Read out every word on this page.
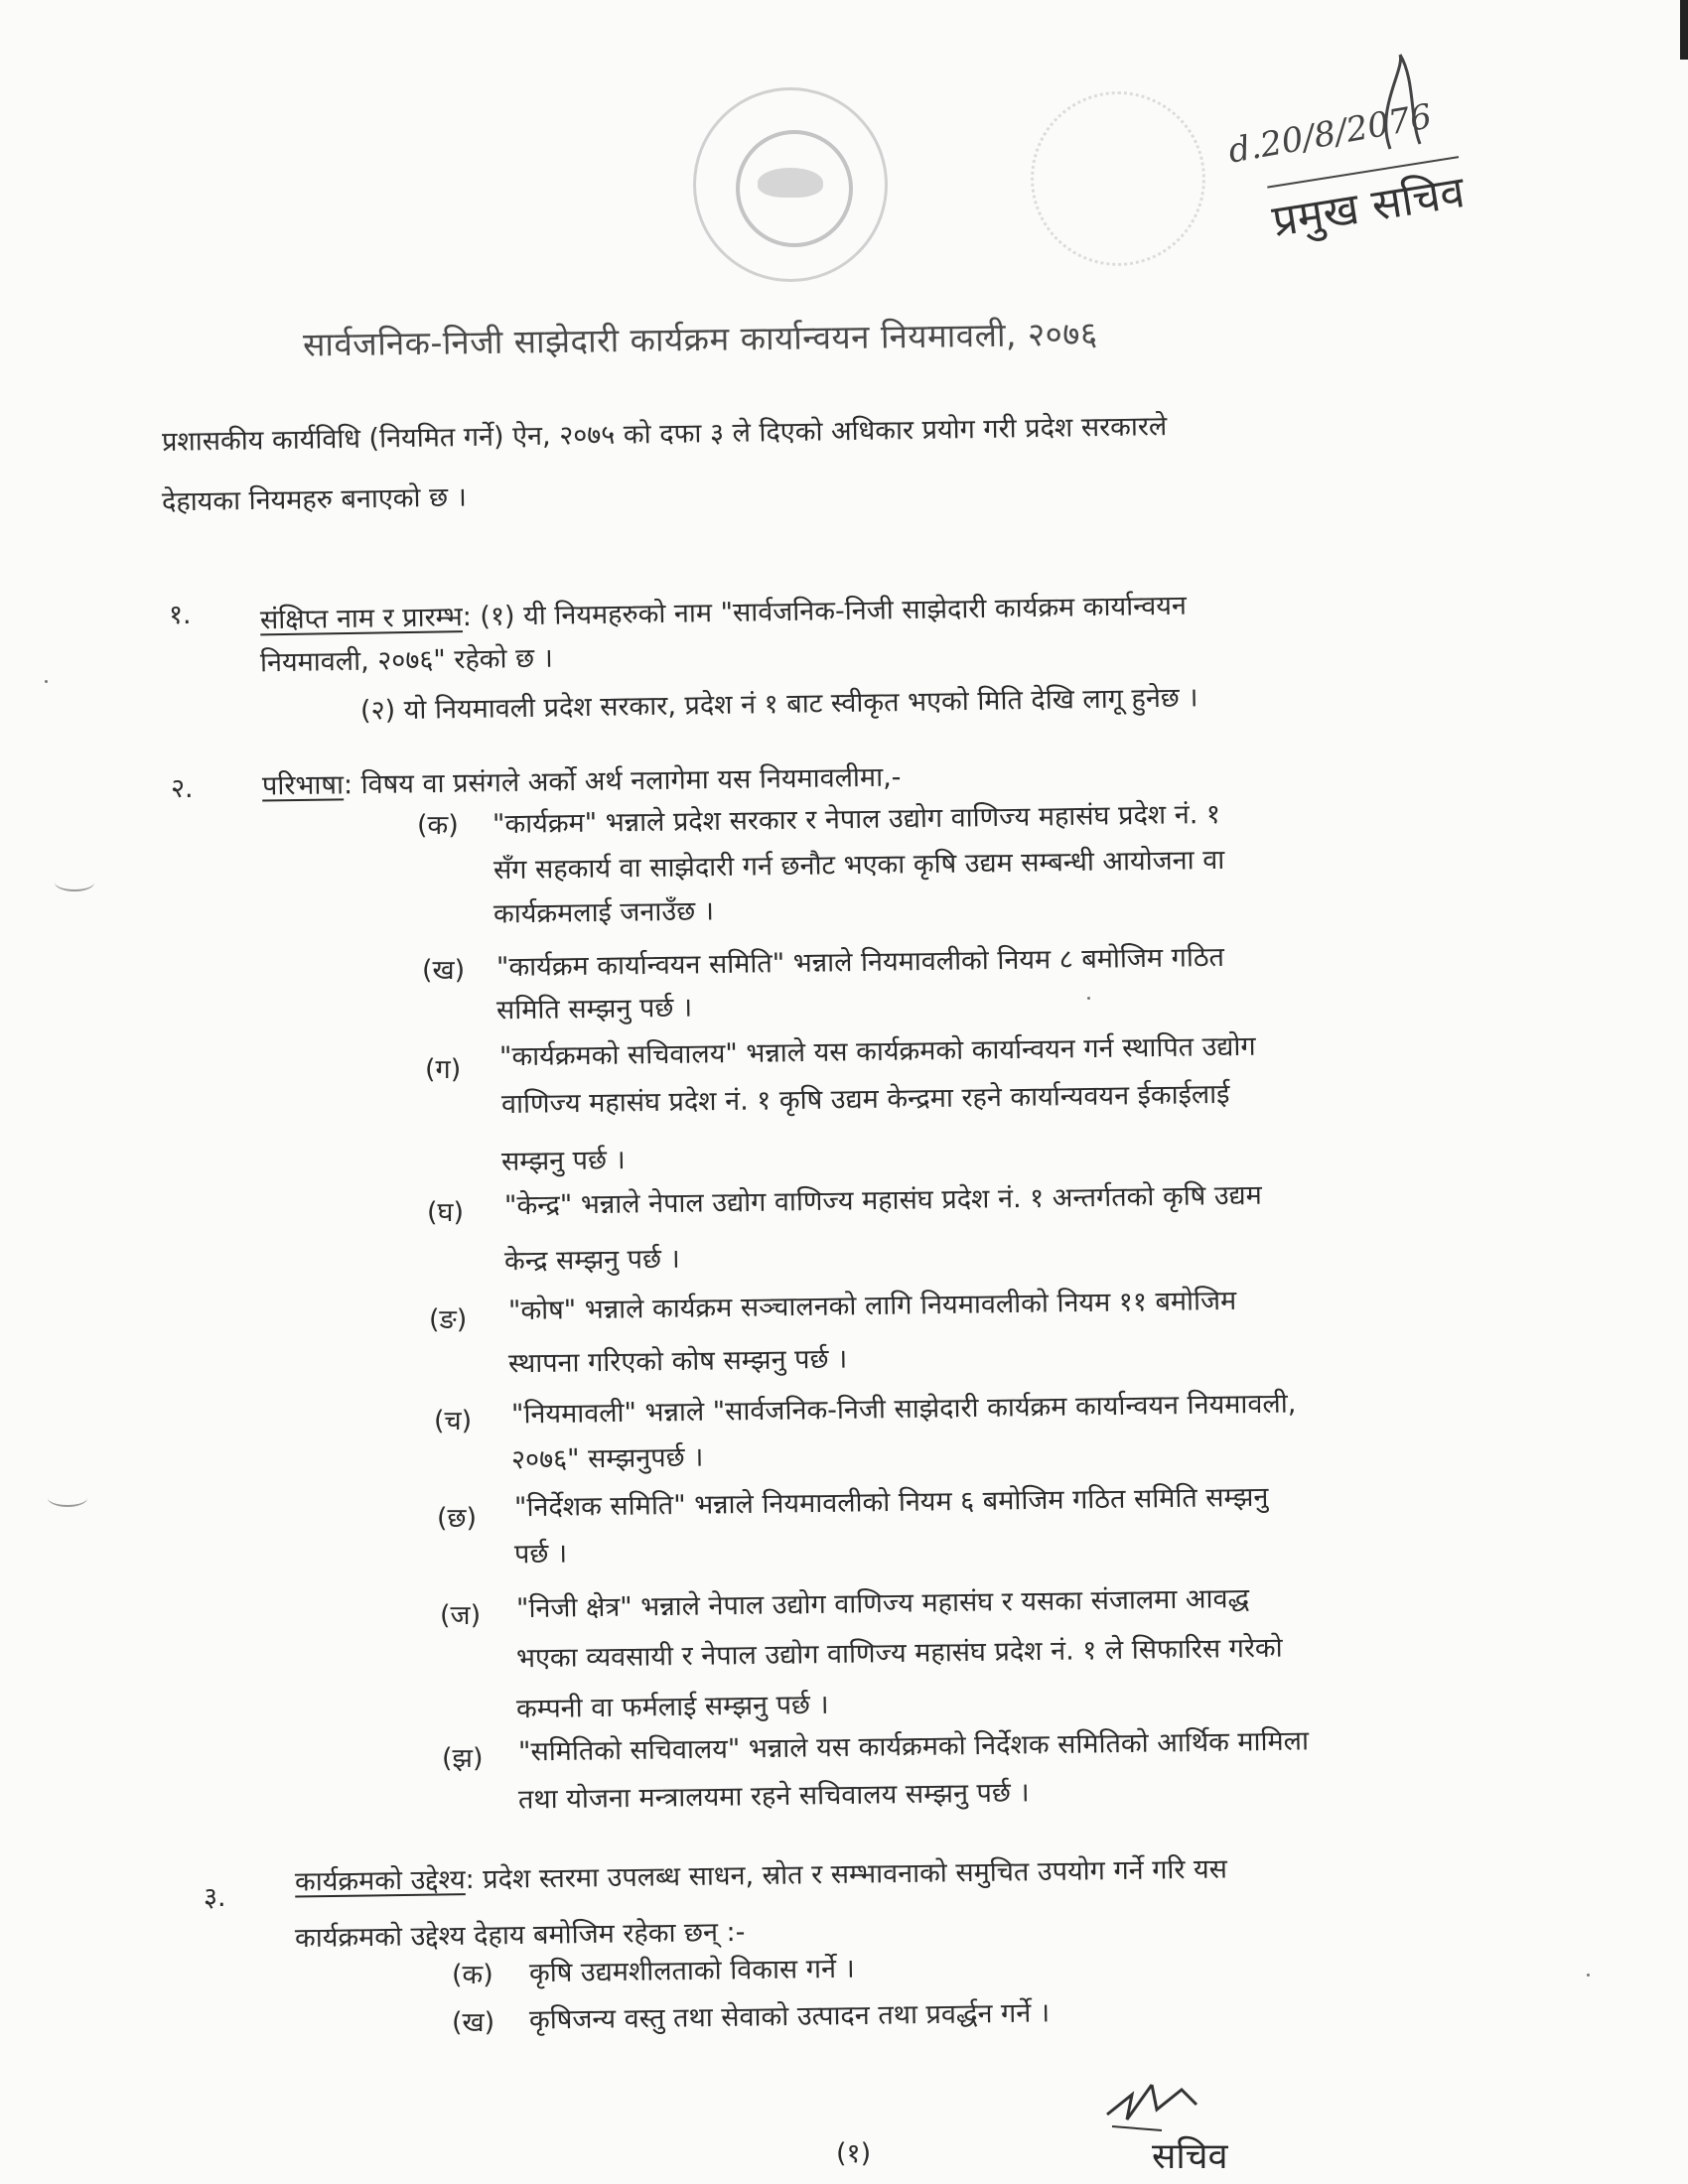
d.20/8/2076
प्रमुख सचिव
सार्वजनिक-निजी साझेदारी कार्यक्रम कार्यान्वयन नियमावली, २०७६
प्रशासकीय कार्यविधि (नियमित गर्ने) ऐन, २०७५ को दफा ३ ले दिएको अधिकार प्रयोग गरी प्रदेश सरकारले
देहायका नियमहरु बनाएको छ ।
१.	संक्षिप्त नाम र प्रारम्भ: (१) यी नियमहरुको नाम "सार्वजनिक-निजी साझेदारी कार्यक्रम कार्यान्वयन
नियमावली, २०७६" रहेको छ ।
(२) यो नियमावली प्रदेश सरकार, प्रदेश नं १ बाट स्वीकृत भएको मिति देखि लागू हुनेछ ।
२.	परिभाषा: विषय वा प्रसंगले अर्को अर्थ नलागेमा यस नियमावलीमा,-
(क) "कार्यक्रम" भन्नाले प्रदेश सरकार र नेपाल उद्योग वाणिज्य महासंघ प्रदेश नं. १
सँग सहकार्य वा साझेदारी गर्न छनौट भएका कृषि उद्यम सम्बन्धी आयोजना वा
कार्यक्रमलाई जनाउँछ ।
(ख) "कार्यक्रम कार्यान्वयन समिति" भन्नाले नियमावलीको नियम ८ बमोजिम गठित
समिति सम्झनु पर्छ ।
(ग) "कार्यक्रमको सचिवालय" भन्नाले यस कार्यक्रमको कार्यान्वयन गर्न स्थापित उद्योग
वाणिज्य महासंघ प्रदेश नं. १ कृषि उद्यम केन्द्रमा रहने कार्यान्यवयन ईकाईलाई
सम्झनु पर्छ ।
(घ) "केन्द्र" भन्नाले नेपाल उद्योग वाणिज्य महासंघ प्रदेश नं. १ अन्तर्गतको कृषि उद्यम
केन्द्र सम्झनु पर्छ ।
(ङ) "कोष" भन्नाले कार्यक्रम सञ्चालनको लागि नियमावलीको नियम ११ बमोजिम
स्थापना गरिएको कोष सम्झनु पर्छ ।
(च) "नियमावली" भन्नाले "सार्वजनिक-निजी साझेदारी कार्यक्रम कार्यान्वयन नियमावली,
२०७६" सम्झनुपर्छ ।
(छ) "निर्देशक समिति" भन्नाले नियमावलीको नियम ६ बमोजिम गठित समिति सम्झनु
पर्छ ।
(ज) "निजी क्षेत्र" भन्नाले नेपाल उद्योग वाणिज्य महासंघ र यसका संजालमा आवद्ध
भएका व्यवसायी र नेपाल उद्योग वाणिज्य महासंघ प्रदेश नं. १ ले सिफारिस गरेको
कम्पनी वा फर्मलाई सम्झनु पर्छ ।
(झ) "समितिको सचिवालय" भन्नाले यस कार्यक्रमको निर्देशक समितिको आर्थिक मामिला
तथा योजना मन्त्रालयमा रहने सचिवालय सम्झनु पर्छ ।
३.	कार्यक्रमको उद्देश्य: प्रदेश स्तरमा उपलब्ध साधन, स्रोत र सम्भावनाको समुचित उपयोग गर्ने गरि यस
कार्यक्रमको उद्देश्य देहाय बमोजिम रहेका छन् :-
(क) कृषि उद्यमशीलताको विकास गर्ने ।
(ख) कृषिजन्य वस्तु तथा सेवाको उत्पादन तथा प्रवर्द्धन गर्ने ।
(१)	सचिव
